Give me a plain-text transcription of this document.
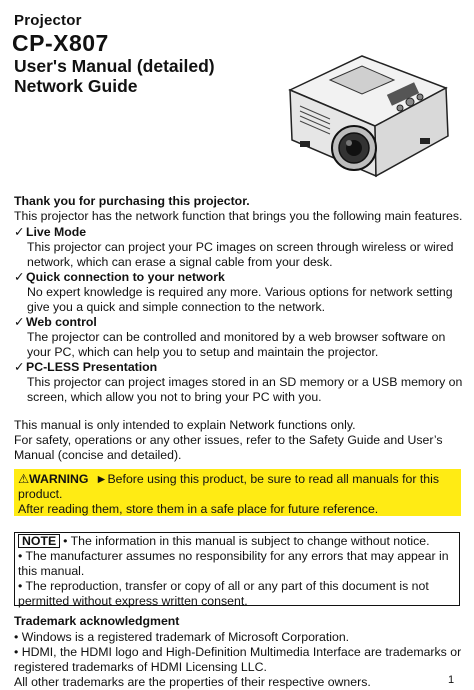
Projector
CP-X807
User's Manual (detailed)
Network Guide
Thank you for purchasing this projector.
This projector has the network function that brings you the following main features.
✓ Live Mode
This projector can project your PC images on screen through wireless or wired network, which can erase a signal cable from your desk.
✓ Quick connection to your network
No expert knowledge is required any more. Various options for network setting give you a quick and simple connection to the network.
✓ Web control
The projector can be controlled and monitored by a web browser software on your PC, which can help you to setup and maintain the projector.
✓ PC-LESS Presentation
This projector can project images stored in an SD memory or a USB memory on screen, which allow you not to bring your PC with you.
This manual is only intended to explain Network functions only.
For safety, operations or any other issues, refer to the Safety Guide and User’s Manual (concise and detailed).
⚠WARNING ►Before using this product, be sure to read all manuals for this product.
After reading them, store them in a safe place for future reference.
NOTE • The information in this manual is subject to change without notice.
• The manufacturer assumes no responsibility for any errors that may appear in this manual.
• The reproduction, transfer or copy of all or any part of this document is not permitted without express written consent.
Trademark acknowledgment
• Windows is a registered trademark of Microsoft Corporation.
• HDMI, the HDMI logo and High-Definition Multimedia Interface are trademarks or registered trademarks of HDMI Licensing LLC.
All other trademarks are the properties of their respective owners.	1
